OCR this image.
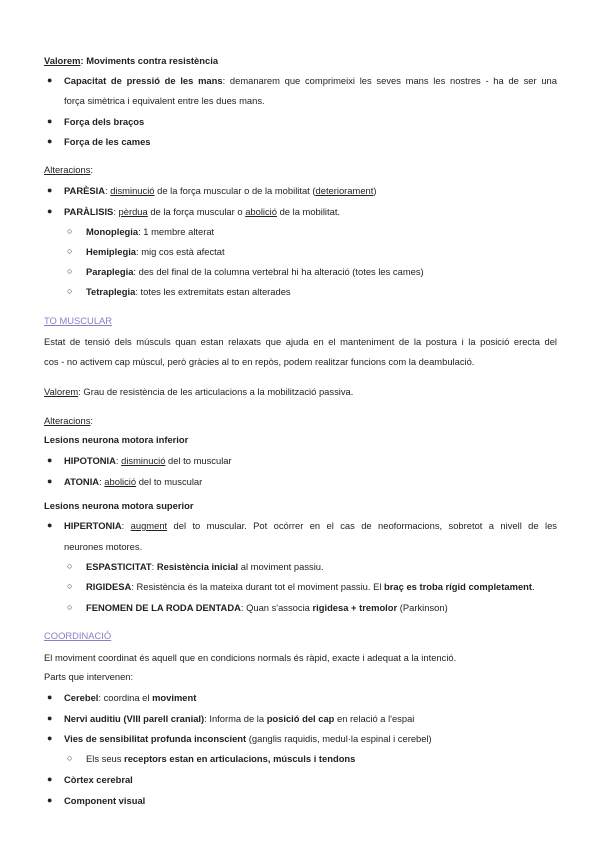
Valorem: Moviments contra resistència
● Capacitat de pressió de les mans: demanarem que comprimeixi les seves mans les nostres - ha de ser una
força simètrica i equivalent entre les dues mans.
● Força dels braços
● Força de les cames
Alteracions:
● PARÈSIA: disminució de la força muscular o de la mobilitat (deteriorament)
● PARÀLISIS: pèrdua de la força muscular o abolició de la mobilitat.
○ Monoplegia: 1 membre alterat
○ Hemiplegia: mig cos està afectat
○ Paraplegia: des del final de la columna vertebral hi ha alteració (totes les cames)
○ Tetraplegia: totes les extremitats estan alterades
TO MUSCULAR
Estat de tensió dels músculs quan estan relaxats que ajuda en el manteniment de la postura i la posició erecta del
cos - no activem cap múscul, però gràcies al to en repòs, podem realitzar funcions com la deambulació.
Valorem: Grau de resistència de les articulacions a la mobilització passiva.
Alteracions:
Lesions neurona motora inferior
● HIPOTONIA: disminució del to muscular
● ATONIA: abolició del to muscular
Lesions neurona motora superior
● HIPERTONIA: augment del to muscular. Pot ocórrer en el cas de neoformacions, sobretot a nivell de les
neurones motores.
○ ESPASTICITAT: Resistència inicial al moviment passiu.
○ RIGIDESA: Resistència és la mateixa durant tot el moviment passiu. El braç es troba rígid completament.
○ FENOMEN DE LA RODA DENTADA: Quan s'associa rigidesa + tremolor (Parkinson)
COORDINACIÓ
El moviment coordinat és aquell que en condicions normals és ràpid, exacte i adequat a la intenció.
Parts que intervenen:
● Cerebel: coordina el moviment
● Nervi auditiu (VIII parell cranial): Informa de la posició del cap en relació a l'espai
● Vies de sensibilitat profunda inconscient (ganglis raquidis, medul·la espinal i cerebel)
○ Els seus receptors estan en articulacions, músculs i tendons
● Còrtex cerebral
● Component visual
